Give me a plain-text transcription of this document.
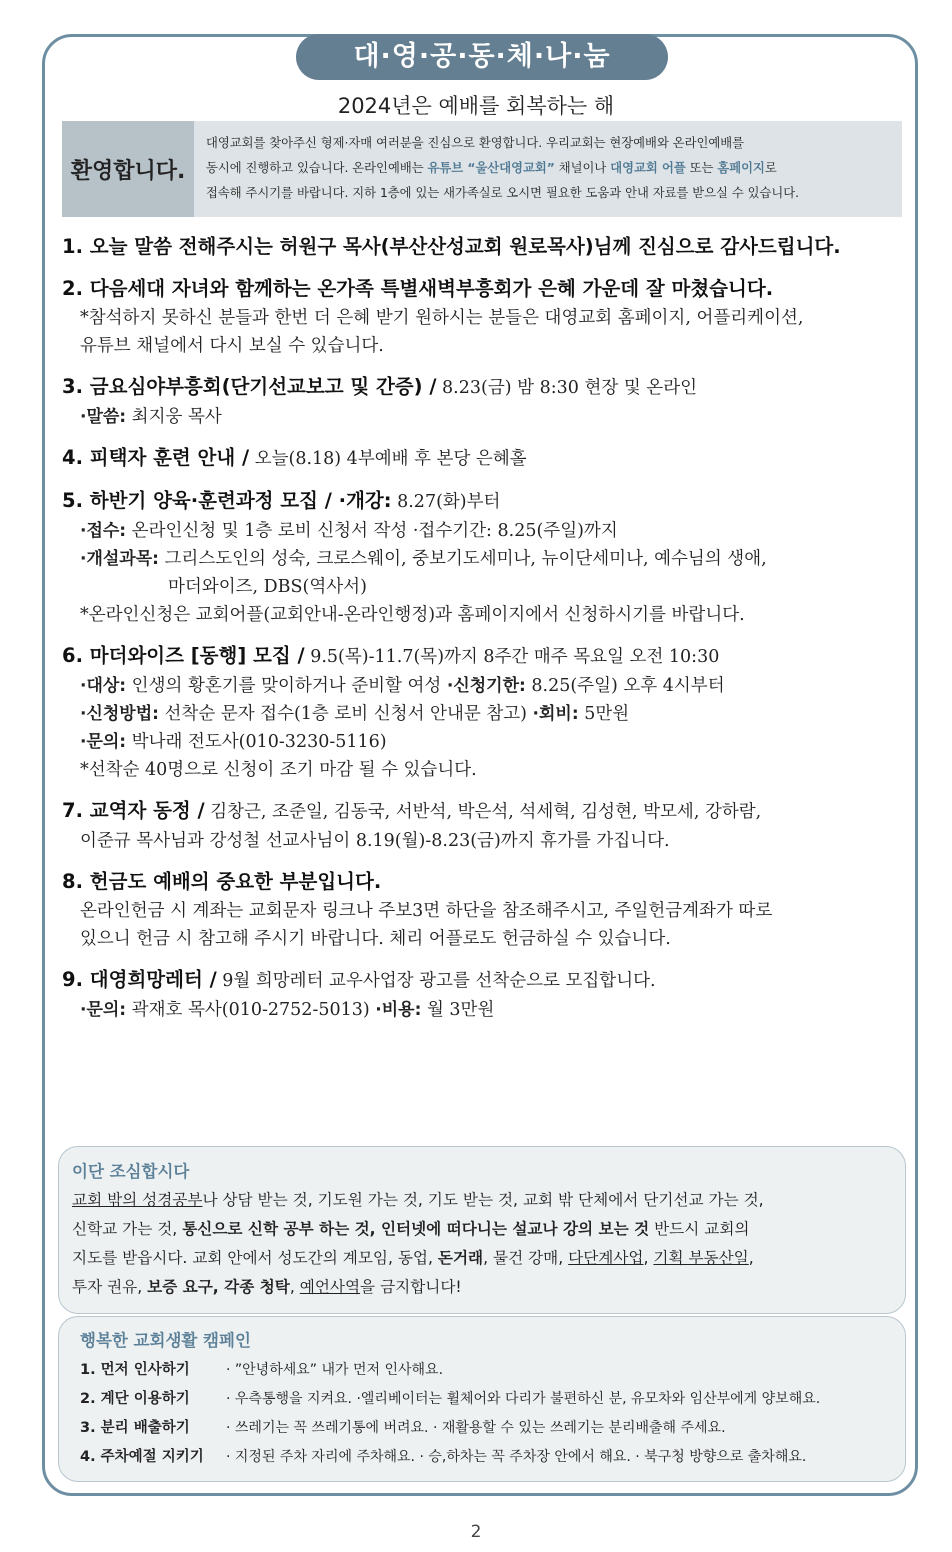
대·영·공·동·체·나·눔
2024년은 예배를 회복하는 해
환영합니다.
대영교회를 찾아주신 형제·자매 여러분을 진심으로 환영합니다. 우리교회는 현장예배와 온라인예배를
동시에 진행하고 있습니다. 온라인예배는 유튜브 “울산대영교회” 채널이나 대영교회 어플 또는 홈페이지로
접속해 주시기를 바랍니다. 지하 1층에 있는 새가족실로 오시면 필요한 도움과 안내 자료를 받으실 수 있습니다.
1. 오늘 말씀 전해주시는 허원구 목사(부산산성교회 원로목사)님께 진심으로 감사드립니다.
2. 다음세대 자녀와 함께하는 온가족 특별새벽부흥회가 은혜 가운데 잘 마쳤습니다.
*참석하지 못하신 분들과 한번 더 은혜 받기 원하시는 분들은 대영교회 홈페이지, 어플리케이션,
유튜브 채널에서 다시 보실 수 있습니다.
3. 금요심야부흥회(단기선교보고 및 간증) / 8.23(금) 밤 8:30 현장 및 온라인
·말씀: 최지웅 목사
4. 피택자 훈련 안내 / 오늘(8.18) 4부예배 후 본당 은혜홀
5. 하반기 양육·훈련과정 모집 / ·개강: 8.27(화)부터
·접수: 온라인신청 및 1층 로비 신청서 작성 ·접수기간: 8.25(주일)까지
·개설과목: 그리스도인의 성숙, 크로스웨이, 중보기도세미나, 뉴이단세미나, 예수님의 생애,
마더와이즈, DBS(역사서)
*온라인신청은 교회어플(교회안내-온라인행정)과 홈페이지에서 신청하시기를 바랍니다.
6. 마더와이즈 [동행] 모집 / 9.5(목)-11.7(목)까지 8주간 매주 목요일 오전 10:30
·대상: 인생의 황혼기를 맞이하거나 준비할 여성 ·신청기한: 8.25(주일) 오후 4시부터
·신청방법: 선착순 문자 접수(1층 로비 신청서 안내문 참고) ·회비: 5만원
·문의: 박나래 전도사(010-3230-5116)
*선착순 40명으로 신청이 조기 마감 될 수 있습니다.
7. 교역자 동정 / 김창근, 조준일, 김동국, 서반석, 박은석, 석세혁, 김성현, 박모세, 강하람,
이준규 목사님과 강성철 선교사님이 8.19(월)-8.23(금)까지 휴가를 가집니다.
8. 헌금도 예배의 중요한 부분입니다.
온라인헌금 시 계좌는 교회문자 링크나 주보3면 하단을 참조해주시고, 주일헌금계좌가 따로
있으니 헌금 시 참고해 주시기 바랍니다. 체리 어플로도 헌금하실 수 있습니다.
9. 대영희망레터 / 9월 희망레터 교우사업장 광고를 선착순으로 모집합니다.
·문의: 곽재호 목사(010-2752-5013) ·비용: 월 3만원
이단 조심합시다
교회 밖의 성경공부나 상담 받는 것, 기도원 가는 것, 기도 받는 것, 교회 밖 단체에서 단기선교 가는 것,
신학교 가는 것, 통신으로 신학 공부 하는 것, 인터넷에 떠다니는 설교나 강의 보는 것 반드시 교회의
지도를 받읍시다. 교회 안에서 성도간의 계모임, 동업, 돈거래, 물건 강매, 다단계사업, 기획 부동산일,
투자 권유, 보증 요구, 각종 청탁, 예언사역을 금지합니다!
행복한 교회생활 캠페인
1. 먼저 인사하기	· ”안녕하세요” 내가 먼저 인사해요.
2. 계단 이용하기	· 우측통행을 지켜요. ·엘리베이터는 휠체어와 다리가 불편하신 분, 유모차와 임산부에게 양보해요.
3. 분리 배출하기	· 쓰레기는 꼭 쓰레기통에 버려요. · 재활용할 수 있는 쓰레기는 분리배출해 주세요.
4. 주차예절 지키기	· 지정된 주차 자리에 주차해요. · 승,하차는 꼭 주차장 안에서 해요. · 북구청 방향으로 출차해요.
2
